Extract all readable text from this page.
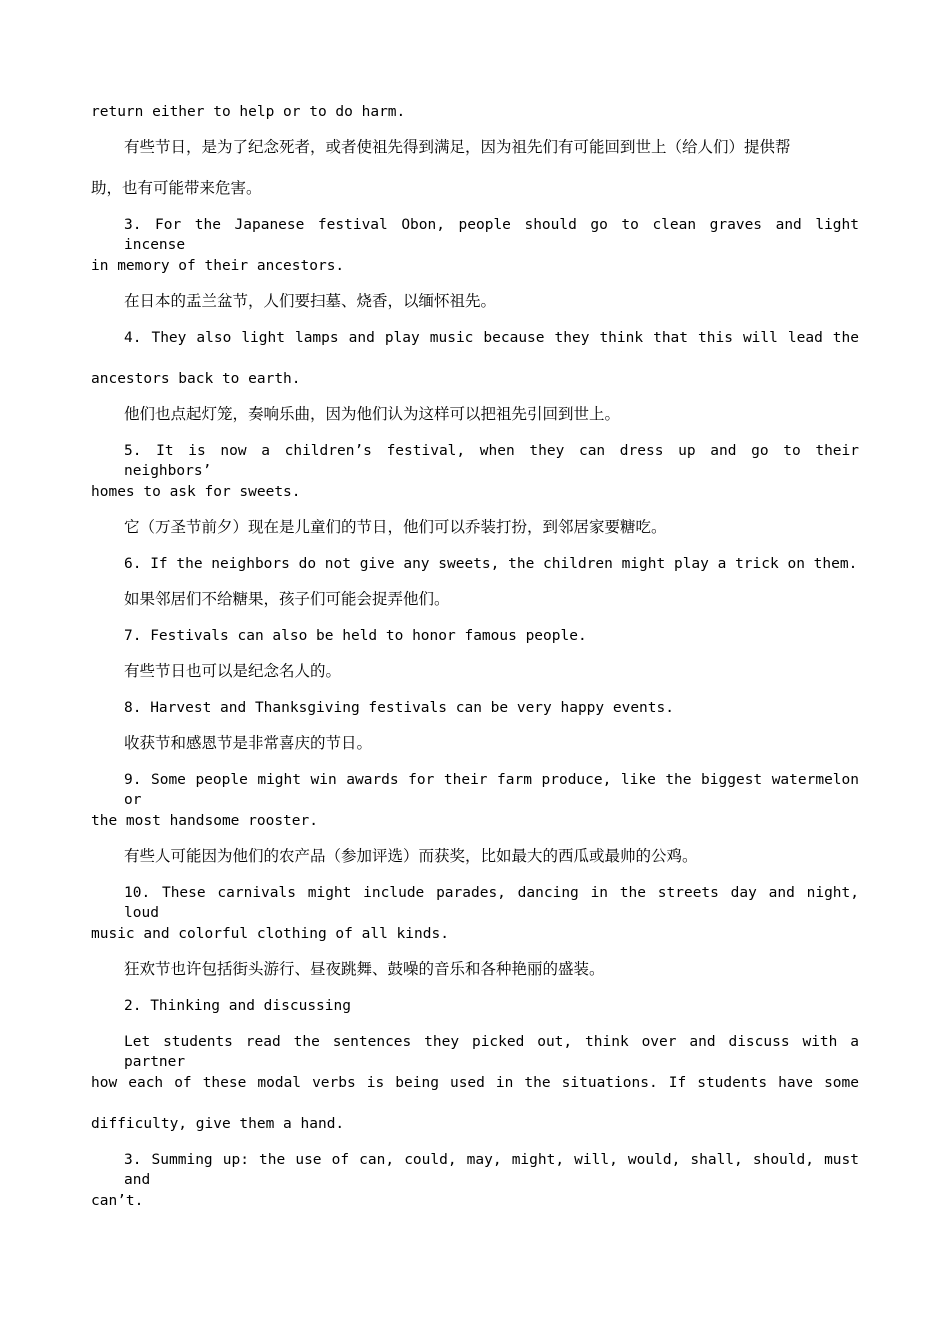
return either to help or to do harm.

有些节日，是为了纪念死者，或者使祖先得到满足，因为祖先们有可能回到世上（给人们）提供帮

助，也有可能带来危害。

3. For the Japanese festival Obon, people should go to clean graves and light incense

in memory of their ancestors.

在日本的盂兰盆节，人们要扫墓、烧香，以缅怀祖先。

4. They also light lamps and play music because they think that this will lead the

ancestors back to earth.

他们也点起灯笼，奏响乐曲，因为他们认为这样可以把祖先引回到世上。

5. It is now a children’s festival, when they can dress up and go to their neighbors’

homes to ask for sweets.

它（万圣节前夕）现在是儿童们的节日，他们可以乔装打扮，到邻居家要糖吃。

6. If the neighbors do not give any sweets, the children might play a trick on them.

如果邻居们不给糖果，孩子们可能会捉弄他们。

7. Festivals can also be held to honor famous people.

有些节日也可以是纪念名人的。

8. Harvest and Thanksgiving festivals can be very happy events.

收获节和感恩节是非常喜庆的节日。

9. Some people might win awards for their farm produce, like the biggest watermelon or

the most handsome rooster.

有些人可能因为他们的农产品（参加评选）而获奖，比如最大的西瓜或最帅的公鸡。

10. These carnivals might include parades, dancing in the streets day and night, loud

music and colorful clothing of all kinds.

狂欢节也许包括街头游行、昼夜跳舞、鼓噪的音乐和各种艳丽的盛装。

2. Thinking and discussing

Let students read the sentences they picked out, think over and discuss with a partner

how each of these modal verbs is being used in the situations. If students have some

difficulty, give them a hand.

3. Summing up: the use of can, could, may, might, will, would, shall, should, must and

can’t.
